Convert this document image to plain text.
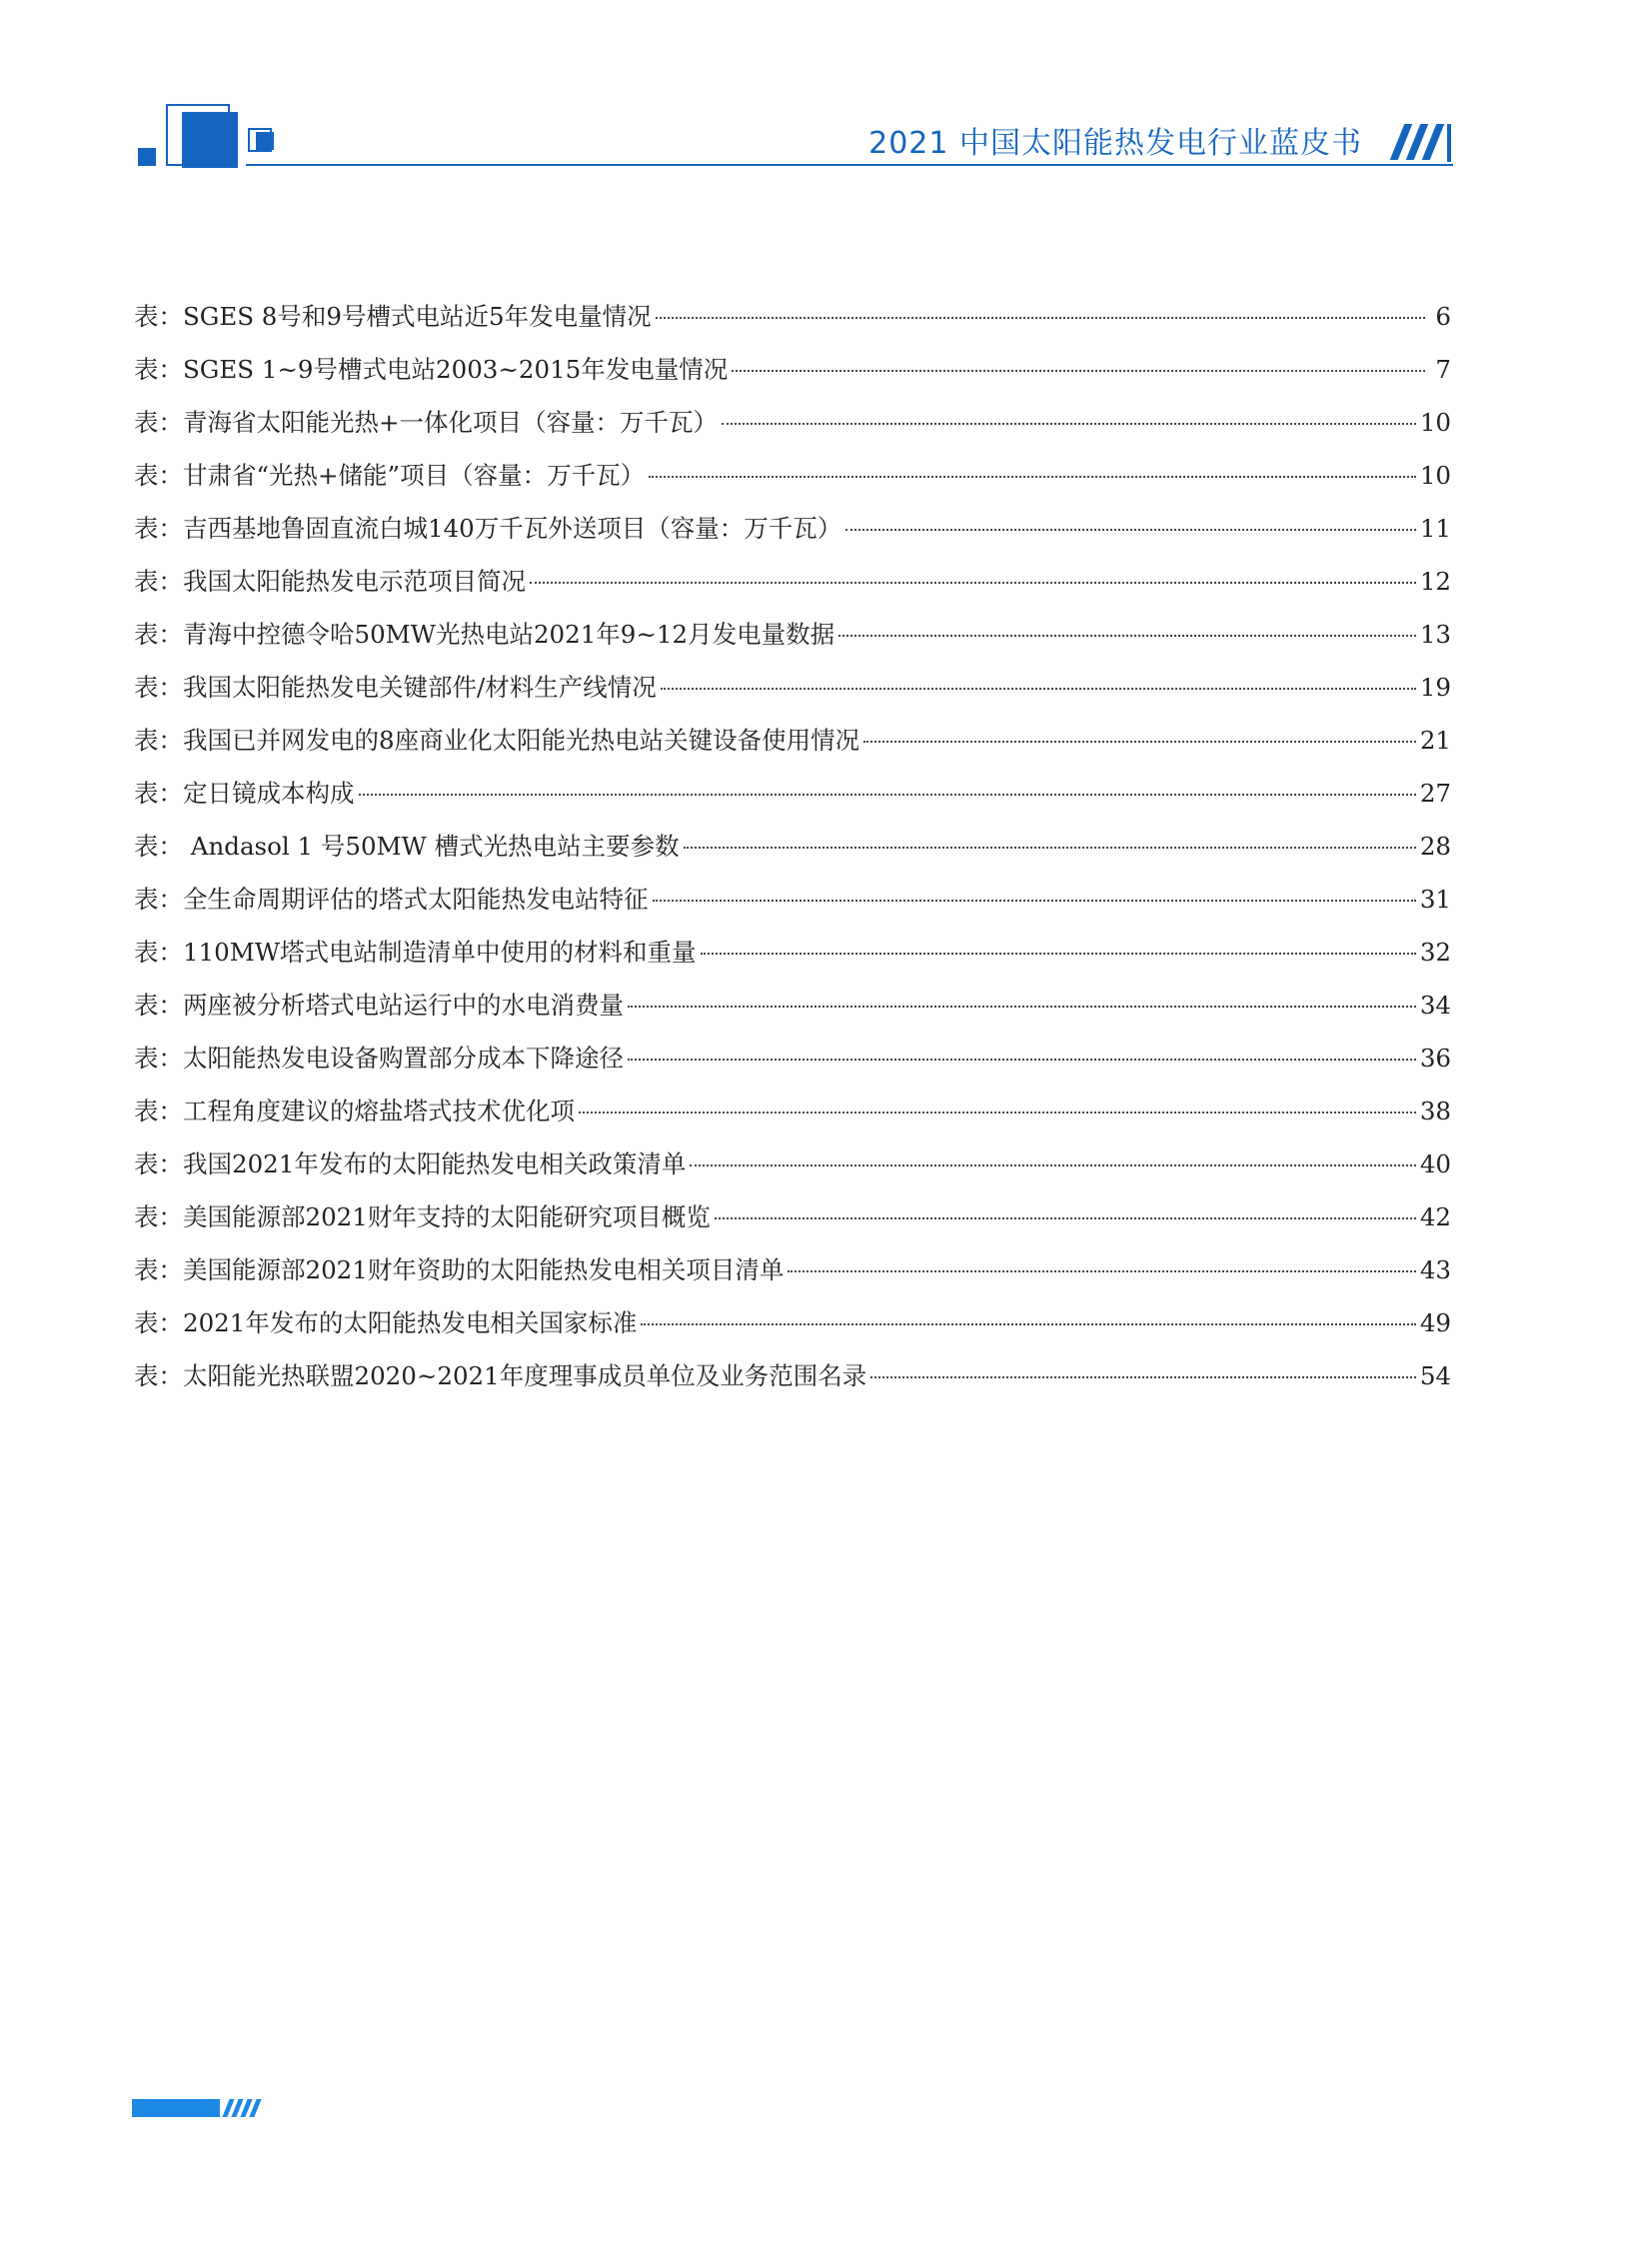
2021 中国太阳能热发电行业蓝皮书
表：SGES 8号和9号槽式电站近5年发电量情况	6
表：SGES 1~9号槽式电站2003~2015年发电量情况	7
表：青海省太阳能光热+一体化项目（容量：万千瓦）	10
表：甘肃省“光热+储能”项目（容量：万千瓦）	10
表：吉西基地鲁固直流白城140万千瓦外送项目（容量：万千瓦）	11
表：我国太阳能热发电示范项目简况	12
表：青海中控德令哈50MW光热电站2021年9~12月发电量数据	13
表：我国太阳能热发电关键部件/材料生产线情况	19
表：我国已并网发电的8座商业化太阳能光热电站关键设备使用情况	21
表：定日镜成本构成	27
表： Andasol 1 号50MW 槽式光热电站主要参数	28
表：全生命周期评估的塔式太阳能热发电站特征	31
表：110MW塔式电站制造清单中使用的材料和重量	32
表：两座被分析塔式电站运行中的水电消费量	34
表：太阳能热发电设备购置部分成本下降途径	36
表：工程角度建议的熔盐塔式技术优化项	38
表：我国2021年发布的太阳能热发电相关政策清单	40
表：美国能源部2021财年支持的太阳能研究项目概览	42
表：美国能源部2021财年资助的太阳能热发电相关项目清单	43
表：2021年发布的太阳能热发电相关国家标准	49
表：太阳能光热联盟2020~2021年度理事成员单位及业务范围名录	54
